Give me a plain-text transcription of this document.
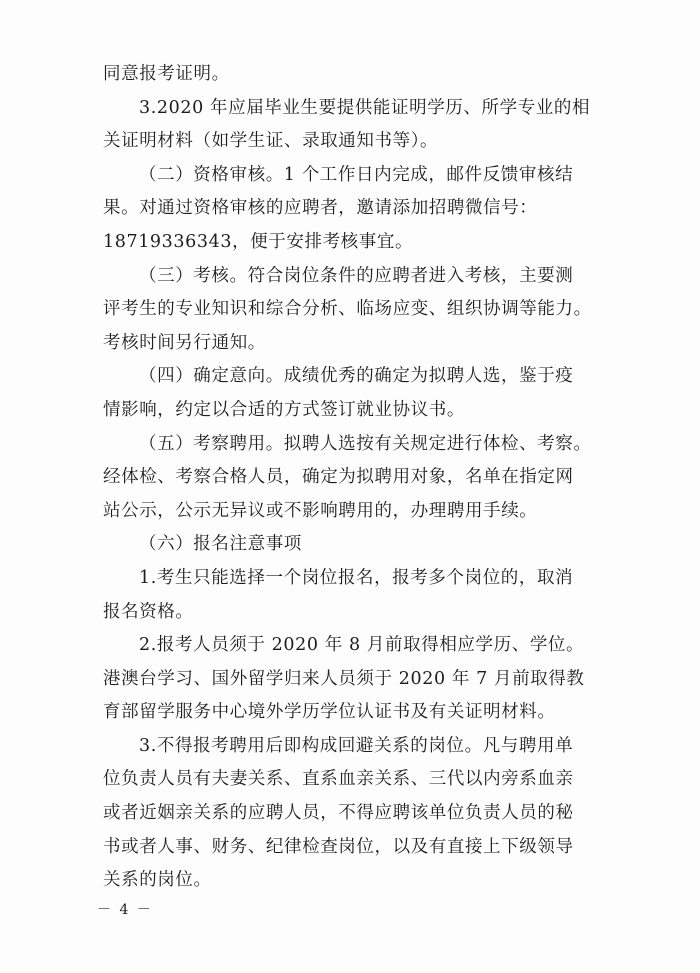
同意报考证明。
3.2020 年应届毕业生要提供能证明学历、所学专业的相
关证明材料（如学生证、录取通知书等）。
（二）资格审核。1 个工作日内完成，邮件反馈审核结
果。对通过资格审核的应聘者，邀请添加招聘微信号：
18719336343，便于安排考核事宜。
（三）考核。符合岗位条件的应聘者进入考核，主要测
评考生的专业知识和综合分析、临场应变、组织协调等能力。
考核时间另行通知。
（四）确定意向。成绩优秀的确定为拟聘人选，鉴于疫
情影响，约定以合适的方式签订就业协议书。
（五）考察聘用。拟聘人选按有关规定进行体检、考察。
经体检、考察合格人员，确定为拟聘用对象，名单在指定网
站公示，公示无异议或不影响聘用的，办理聘用手续。
（六）报名注意事项
1.考生只能选择一个岗位报名，报考多个岗位的，取消
报名资格。
2.报考人员须于 2020 年 8 月前取得相应学历、学位。
港澳台学习、国外留学归来人员须于 2020 年 7 月前取得教
育部留学服务中心境外学历学位认证书及有关证明材料。
3.不得报考聘用后即构成回避关系的岗位。凡与聘用单
位负责人员有夫妻关系、直系血亲关系、三代以内旁系血亲
或者近姻亲关系的应聘人员，不得应聘该单位负责人员的秘
书或者人事、财务、纪律检查岗位，以及有直接上下级领导
关系的岗位。
－ 4 －
